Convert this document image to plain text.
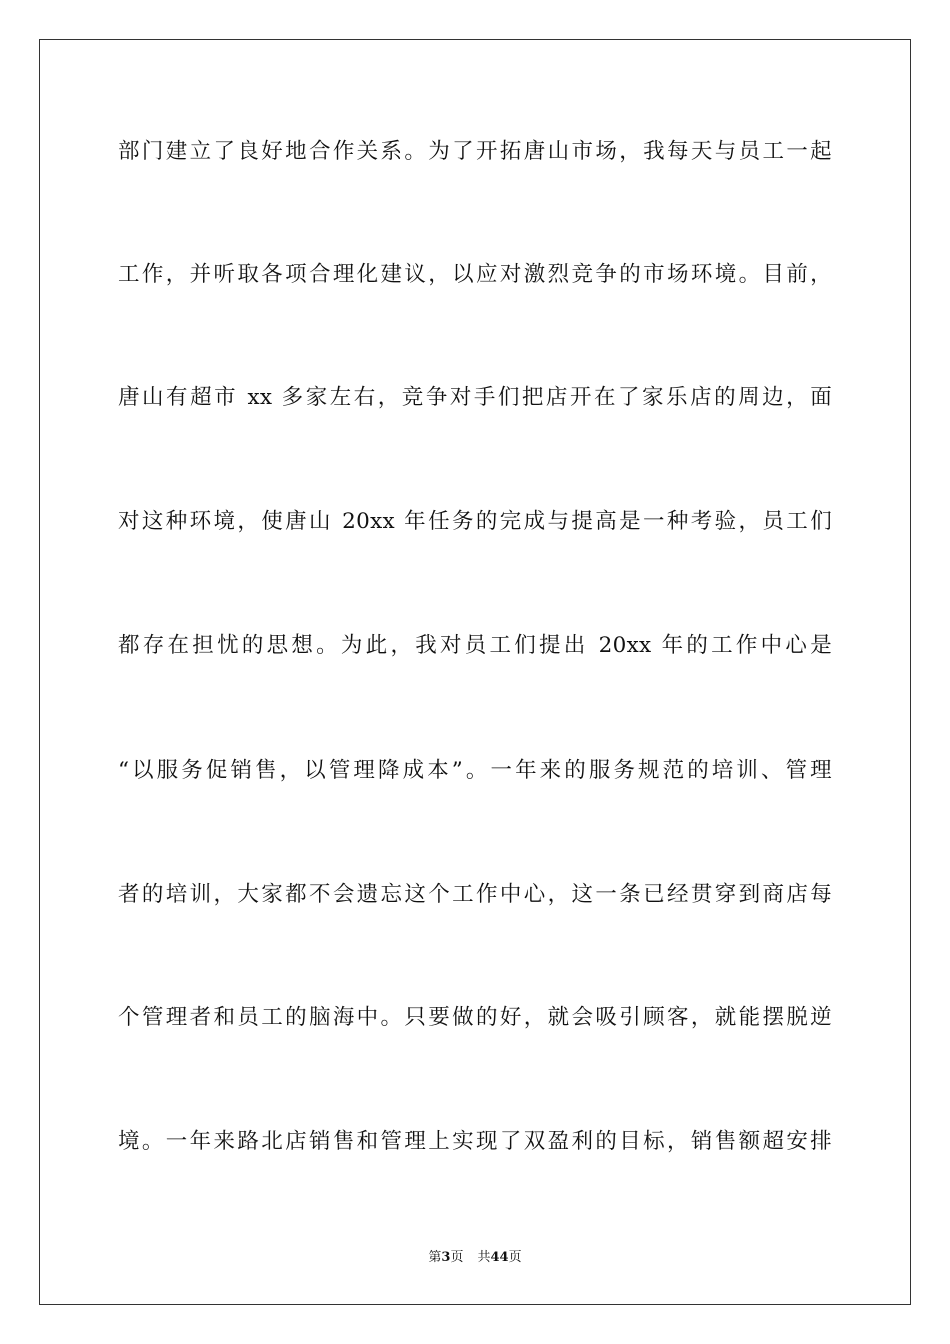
部门建立了良好地合作关系。为了开拓唐山市场，我每天与员工一起
工作，并听取各项合理化建议，以应对激烈竞争的市场环境。目前，
唐山有超市 xx 多家左右，竞争对手们把店开在了家乐店的周边，面
对这种环境，使唐山 20xx 年任务的完成与提高是一种考验，员工们
都存在担忧的思想。为此，我对员工们提出 20xx 年的工作中心是
“以服务促销售，以管理降成本”。一年来的服务规范的培训、管理
者的培训，大家都不会遗忘这个工作中心，这一条已经贯穿到商店每
个管理者和员工的脑海中。只要做的好，就会吸引顾客，就能摆脱逆
境。一年来路北店销售和管理上实现了双盈利的目标，销售额超安排
第3页 共44页
